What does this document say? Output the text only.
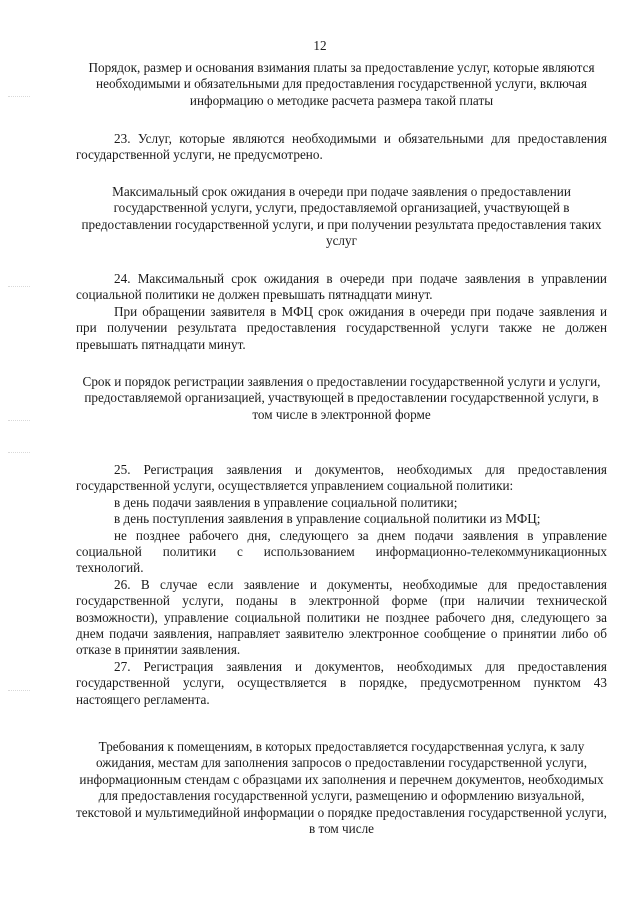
12
Порядок, размер и основания взимания платы за предоставление услуг, которые являются необходимыми и обязательными для предоставления государственной услуги, включая информацию о методике расчета размера такой платы
23. Услуг, которые являются необходимыми и обязательными для предоставления государственной услуги, не предусмотрено.
Максимальный срок ожидания в очереди при подаче заявления о предоставлении государственной услуги, услуги, предоставляемой организацией, участвующей в предоставлении государственной услуги, и при получении результата предоставления таких услуг
24. Максимальный срок ожидания в очереди при подаче заявления в управлении социальной политики не должен превышать пятнадцати минут.
При обращении заявителя в МФЦ срок ожидания в очереди при подаче заявления и при получении результата предоставления государственной услуги также не должен превышать пятнадцати минут.
Срок и порядок регистрации заявления о предоставлении государственной услуги и услуги, предоставляемой организацией, участвующей в предоставлении государственной услуги, в том числе в электронной форме
25. Регистрация заявления и документов, необходимых для предоставления государственной услуги, осуществляется управлением социальной политики:
в день подачи заявления в управление социальной политики;
в день поступления заявления в управление социальной политики из МФЦ;
не позднее рабочего дня, следующего за днем подачи заявления в управление социальной политики с использованием информационно-телекоммуникационных технологий.
26. В случае если заявление и документы, необходимые для предоставления государственной услуги, поданы в электронной форме (при наличии технической возможности), управление социальной политики не позднее рабочего дня, следующего за днем подачи заявления, направляет заявителю электронное сообщение о принятии либо об отказе в принятии заявления.
27. Регистрация заявления и документов, необходимых для предоставления государственной услуги, осуществляется в порядке, предусмотренном пунктом 43 настоящего регламента.
Требования к помещениям, в которых предоставляется государственная услуга, к залу ожидания, местам для заполнения запросов о предоставлении государственной услуги, информационным стендам с образцами их заполнения и перечнем документов, необходимых для предоставления государственной услуги, размещению и оформлению визуальной, текстовой и мультимедийной информации о порядке предоставления государственной услуги, в том числе
